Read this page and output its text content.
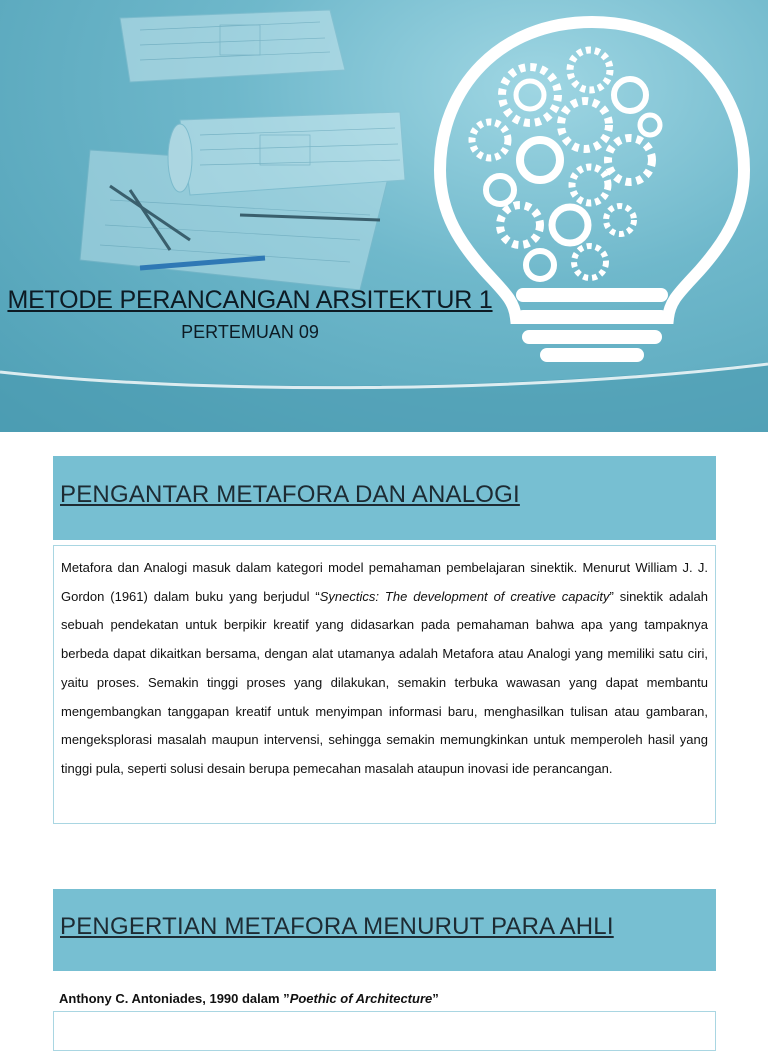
METODE PERANCANGAN ARSITEKTUR 1
PERTEMUAN 09
PENGANTAR METAFORA DAN ANALOGI

Metafora dan Analogi masuk dalam kategori model pemahaman pembelajaran sinektik. Menurut William J. J. Gordon (1961) dalam buku yang berjudul “Synectics: The development of creative capacity” sinektik adalah sebuah pendekatan untuk berpikir kreatif yang didasarkan pada pemahaman bahwa apa yang tampaknya berbeda dapat dikaitkan bersama, dengan alat utamanya adalah Metafora atau Analogi yang memiliki satu ciri, yaitu proses. Semakin tinggi proses yang dilakukan, semakin terbuka wawasan yang dapat membantu mengembangkan tanggapan kreatif untuk menyimpan informasi baru, menghasilkan tulisan atau gambaran, mengeksplorasi masalah maupun intervensi, sehingga semakin memungkinkan untuk memperoleh hasil yang tinggi pula, seperti solusi desain berupa pemecahan masalah ataupun inovasi ide perancangan.

PENGERTIAN METAFORA MENURUT PARA AHLI
Anthony C. Antoniades, 1990 dalam ”Poethic of Architecture”
